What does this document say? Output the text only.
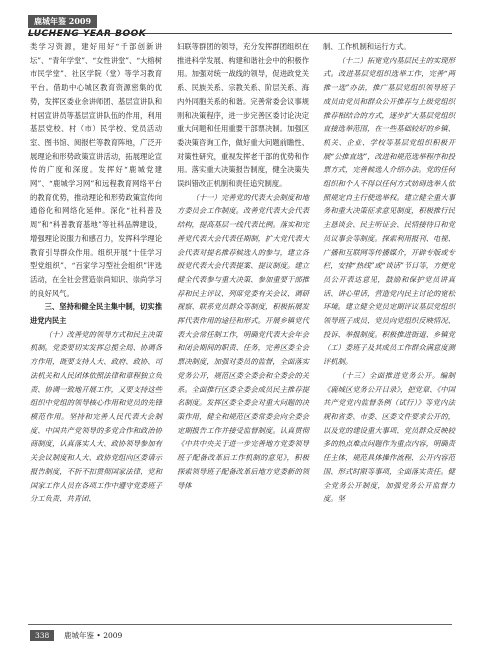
鹿城年鉴 2009
LUCHENG YEAR BOOK

类学习资源，建好用好“千部创新讲坛”、“青年学堂”、“女性讲堂”、“大榕树市民学堂”、社区学院（堂）等学习教育平台。借助中心城区教育资源密集的优势，发挥区委业余讲师团、基层宣讲队和村居宣讲员等基层宣讲队伍的作用，利用基层党校、村（市）民学校、党员活动室、图书馆、阅报栏等教育阵地，广泛开展理论和形势政策宣讲活动，拓展理论宣传的广度和深度。发挥好“鹿城党建网”、“鹿城学习网”和远程教育网络平台的教育优势，推动理论和形势政策宣传向通俗化和网络化延伸。深化“社科普及周”和“科普教育基地”等社科品牌建设，增强理论说服力和感召力，发挥科学理论教育引导群众作用。组织开展“十佳学习型党组织”、“百家学习型社会组织”评选活动，在全社会营造崇尚知识、崇尚学习的良好风气。

三、坚持和健全民主集中制，切实推进党内民主

（十）改善党的领导方式和民主决策机制。党委要切实发挥总揽全局、协调各方作用，既要支持人大、政府、政协、司法机关和人民团体依照法律和章程独立负责、协调一致地开展工作，又要支持这些组织中党组的领导核心作用和党员的先锋模范作用。坚持和完善人民代表大会制度、中国共产党领导的多党合作和政治协商制度，认真落实人大、政协领导参加有关会议制度和人大、政协党组向区委请示报告制度，不折不扣贯彻国家法律、党和国家工作人员在各项工作中遵守党委班子分工负责、共青团、

妇联等群团的领导，充分发挥群团组织在推进科学发展、构建和谐社会中的积极作用。加强对统一战线的领导，促进政党关系、民族关系、宗教关系、阶层关系、海内外同胞关系的和谐。完善常委会议事规则和决策程序，进一步完善区委讨论决定重大问题和任用重要干部票决制。加强区委决策咨询工作，做好重大问题前瞻性、对策性研究，重视发挥老干部的优势和作用。落实重大决策报告制度，健全决策失误纠错改正机制和责任追究制度。

（十一）完善党的代表大会制度和地方委员会工作制度。改善党代表大会代表结构，提高基层一线代表比例。落实和完善党代表大会代表任期制，扩大党代表大会代表对提名推荐候选人的参与，建立各级党代表大会代表提案、提议制度。建立健全代表参与重大决策、参加重要干部推荐和民主评议、列席党委有关会议、调研视察、联系党员群众等制度，积极拓展发挥代表作用的途径和形式。开展乡镇党代表大会常任制工作，明确党代表大会年会和闭会期间的职责、任务，完善区委全会票决制度，加强对委员的监督，全面落实党务公开，规范区委全委会和全委会的关系。全面推行区委全委会成员民主推荐提名制度。发挥区委全委会对重大问题的决策作用，健全和规范区委常委会向全委会定期报告工作并接受监督制度。认真贯彻《中共中央关于进一步完善地方党委领导班子配备改革后工作机制的意见》，积极探索领导班子配备改革后地方党委新的领导体

制、工作机制和运行方式。

（十二）拓宽党内基层民主的实现形式。改进基层党组织选举工作，完善“两推一选”办法，推广基层党组织领导班子成员由党员和群众公开推荐与上级党组织推荐相结合的方式，逐步扩大基层党组织直接选举范围，在一些基础较好的乡镇、机关、企业、学校等基层党组织积极开展“公推直选”，改进和规范选举程序和投票方式，完善候选人介绍办法。党的任何组织和个人不得以任何方式妨碍选举人依照规定自主行使选举权。建立健全重大事务和重大决策征求意见制度，积极推行民主恳谈会、民主听证会、民情接待日和党员议事会等制度。探索利用报刊、电视、广播和互联网等传播媒介，开辟专版或专栏，安排“热线”或“谈话”节目等，方便党员公开表达意见，鼓励和保护党员讲真话、讲心里话，营造党内民主讨论的宽松环境。建立健全党员定期评议基层党组织领导班子成员、党员向党组织反映情况、投诉、举报制度。积极推进街道、乡镇党（工）委班子及其成员工作群众满意度测评机制。

（十三）全面推进党务公开。编制《鹿城区党务公开目录》，把党章、《中国共产党党内监督条例（试行）》等党内法规和省委、市委、区委文件要求公开的，以及党的建设重大事项、党员群众反映较多的热点难点问题作为重点内容，明确责任主体，规范具体操作流程、公开内容范围、形式时限等事项，全面落实责任。健全党务公开制度，加强党务公开监督力度。坚

338	鹿城年鉴 • 2009
